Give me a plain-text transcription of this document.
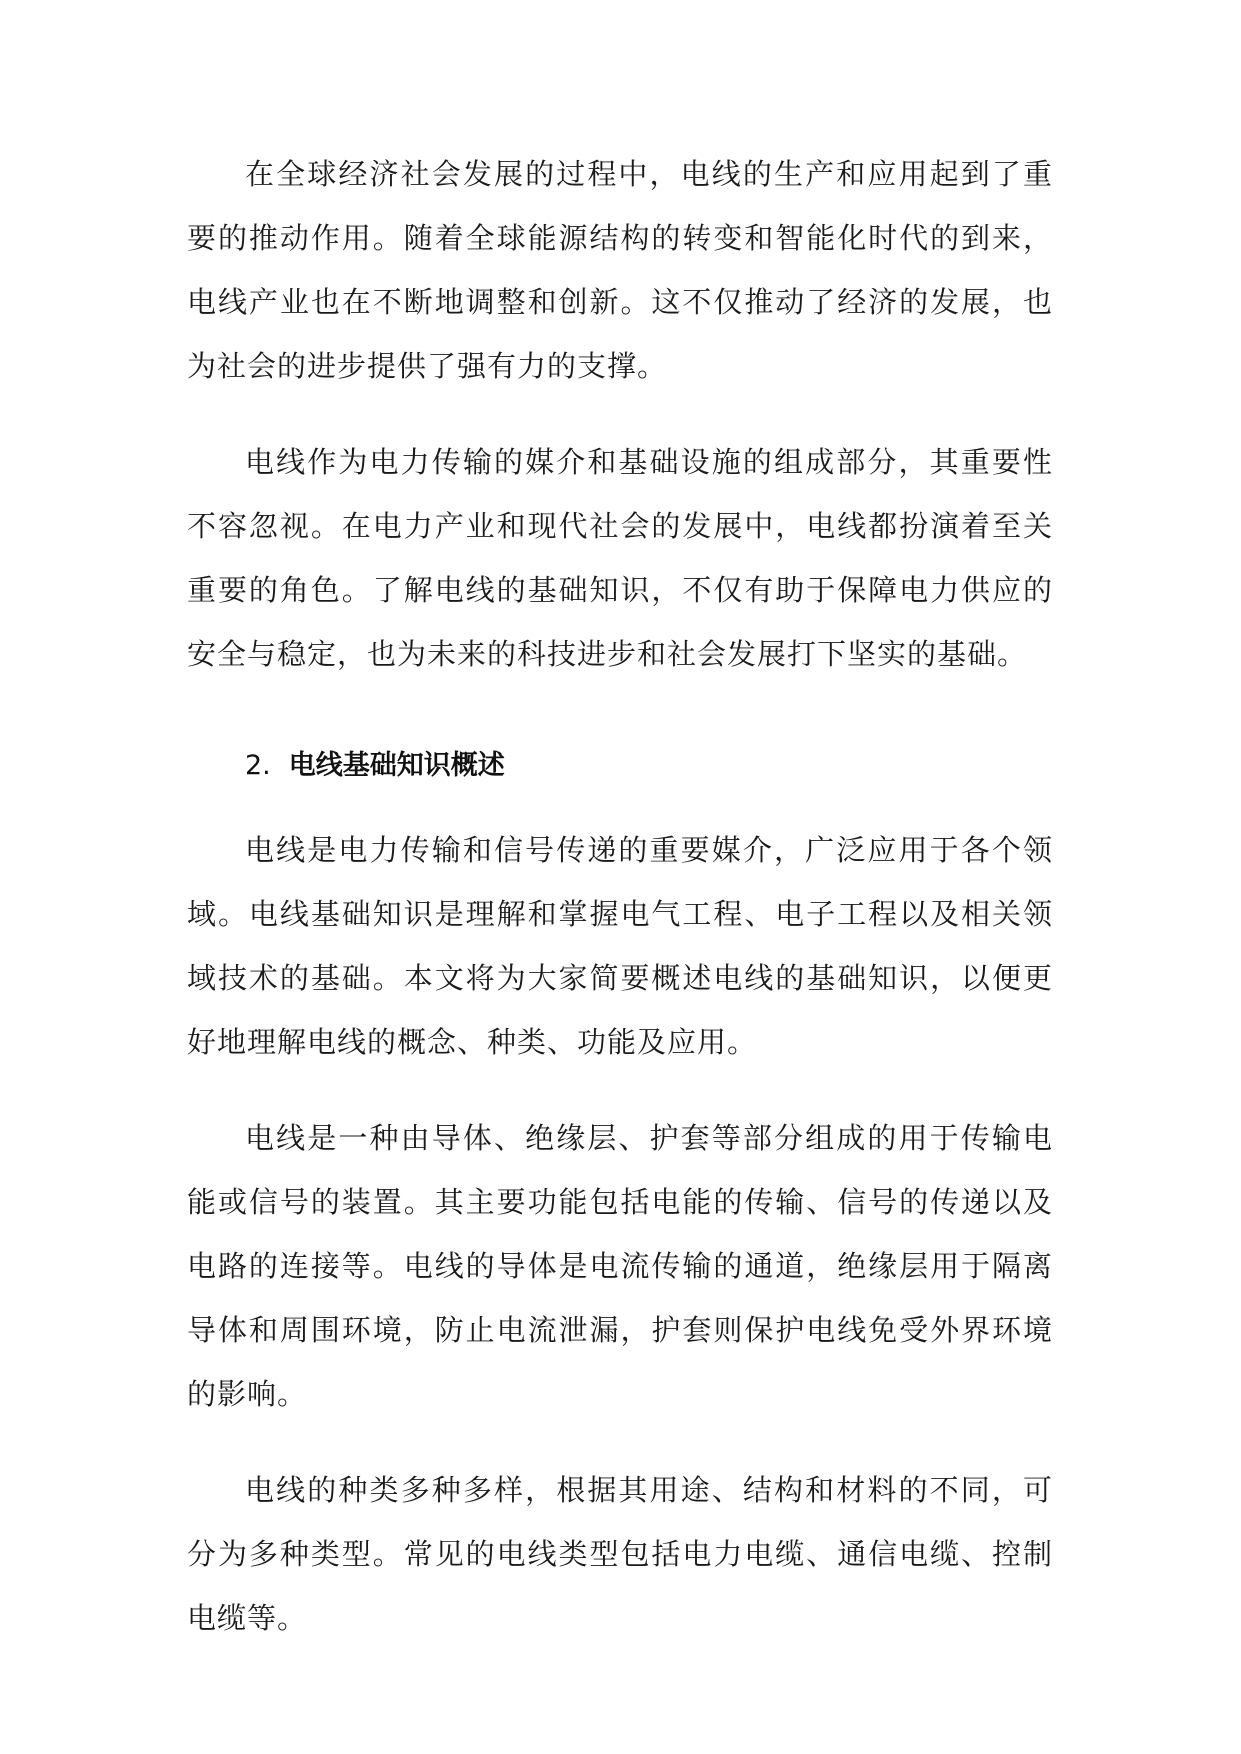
在全球经济社会发展的过程中，电线的生产和应用起到了重要的推动作用。随着全球能源结构的转变和智能化时代的到来，电线产业也在不断地调整和创新。这不仅推动了经济的发展，也为社会的进步提供了强有力的支撑。

电线作为电力传输的媒介和基础设施的组成部分，其重要性不容忽视。在电力产业和现代社会的发展中，电线都扮演着至关重要的角色。了解电线的基础知识，不仅有助于保障电力供应的安全与稳定，也为未来的科技进步和社会发展打下坚实的基础。

2. 电线基础知识概述

电线是电力传输和信号传递的重要媒介，广泛应用于各个领域。电线基础知识是理解和掌握电气工程、电子工程以及相关领域技术的基础。本文将为大家简要概述电线的基础知识，以便更好地理解电线的概念、种类、功能及应用。

电线是一种由导体、绝缘层、护套等部分组成的用于传输电能或信号的装置。其主要功能包括电能的传输、信号的传递以及电路的连接等。电线的导体是电流传输的通道，绝缘层用于隔离导体和周围环境，防止电流泄漏，护套则保护电线免受外界环境的影响。

电线的种类多种多样，根据其用途、结构和材料的不同，可分为多种类型。常见的电线类型包括电力电缆、通信电缆、控制电缆等。
